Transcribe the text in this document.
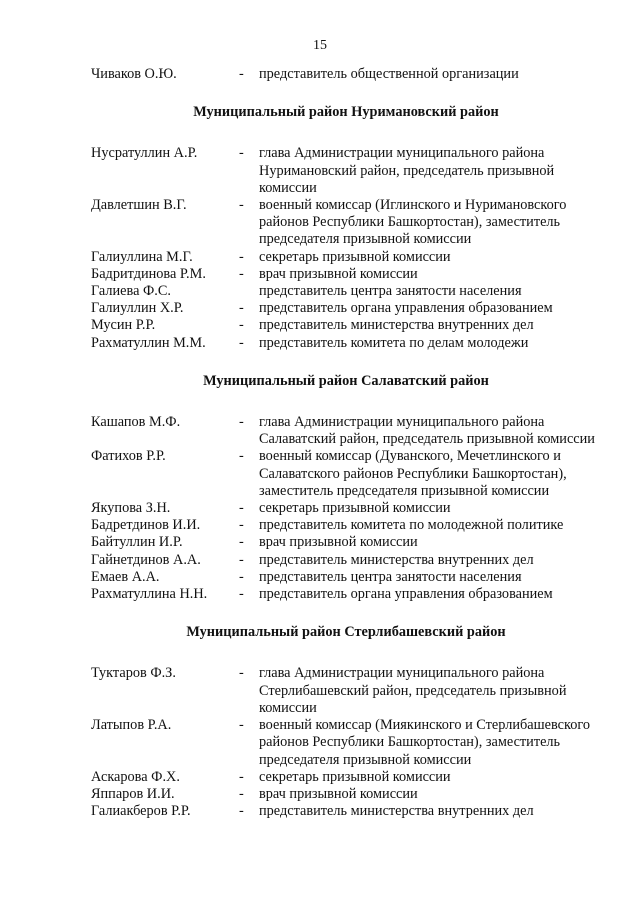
15
Чиваков О.Ю.	-	представитель общественной организации
Муниципальный район Нуримановский район
Нусратуллин А.Р.	-	глава Администрации муниципального района Нуримановский район, председатель призывной комиссии
Давлетшин В.Г.	-	военный комиссар (Иглинского и Нуримановского районов Республики Башкортостан), заместитель председателя призывной комиссии
Галиуллина М.Г.	-	секретарь призывной комиссии
Бадритдинова Р.М.	-	врач призывной комиссии
Галиева Ф.С.	представитель центра занятости населения
Галиуллин Х.Р.	-	представитель органа управления образованием
Мусин Р.Р.	-	представитель министерства внутренних дел
Рахматуллин М.М.	-	представитель комитета по делам молодежи
Муниципальный район Салаватский район
Кашапов М.Ф.	-	глава Администрации муниципального района Салаватский район, председатель призывной комиссии
Фатихов Р.Р.	-	военный комиссар (Дуванского, Мечетлинского и Салаватского районов Республики Башкортостан), заместитель председателя призывной комиссии
Якупова З.Н.	-	секретарь призывной комиссии
Бадретдинов И.И.	-	представитель комитета по молодежной политике
Байтуллин И.Р.	-	врач призывной комиссии
Гайнетдинов А.А.	-	представитель министерства внутренних дел
Емаев А.А.	-	представитель центра занятости населения
Рахматуллина Н.Н.	-	представитель органа управления образованием
Муниципальный район Стерлибашевский район
Туктаров Ф.З.	-	глава Администрации муниципального района Стерлибашевский район, председатель призывной комиссии
Латыпов Р.А.	-	военный комиссар (Миякинского и Стерлибашевского районов Республики Башкортостан), заместитель председателя призывной комиссии
Аскарова Ф.Х.	-	секретарь призывной комиссии
Яппаров И.И.	-	врач призывной комиссии
Галиакберов Р.Р.	-	представитель министерства внутренних дел
